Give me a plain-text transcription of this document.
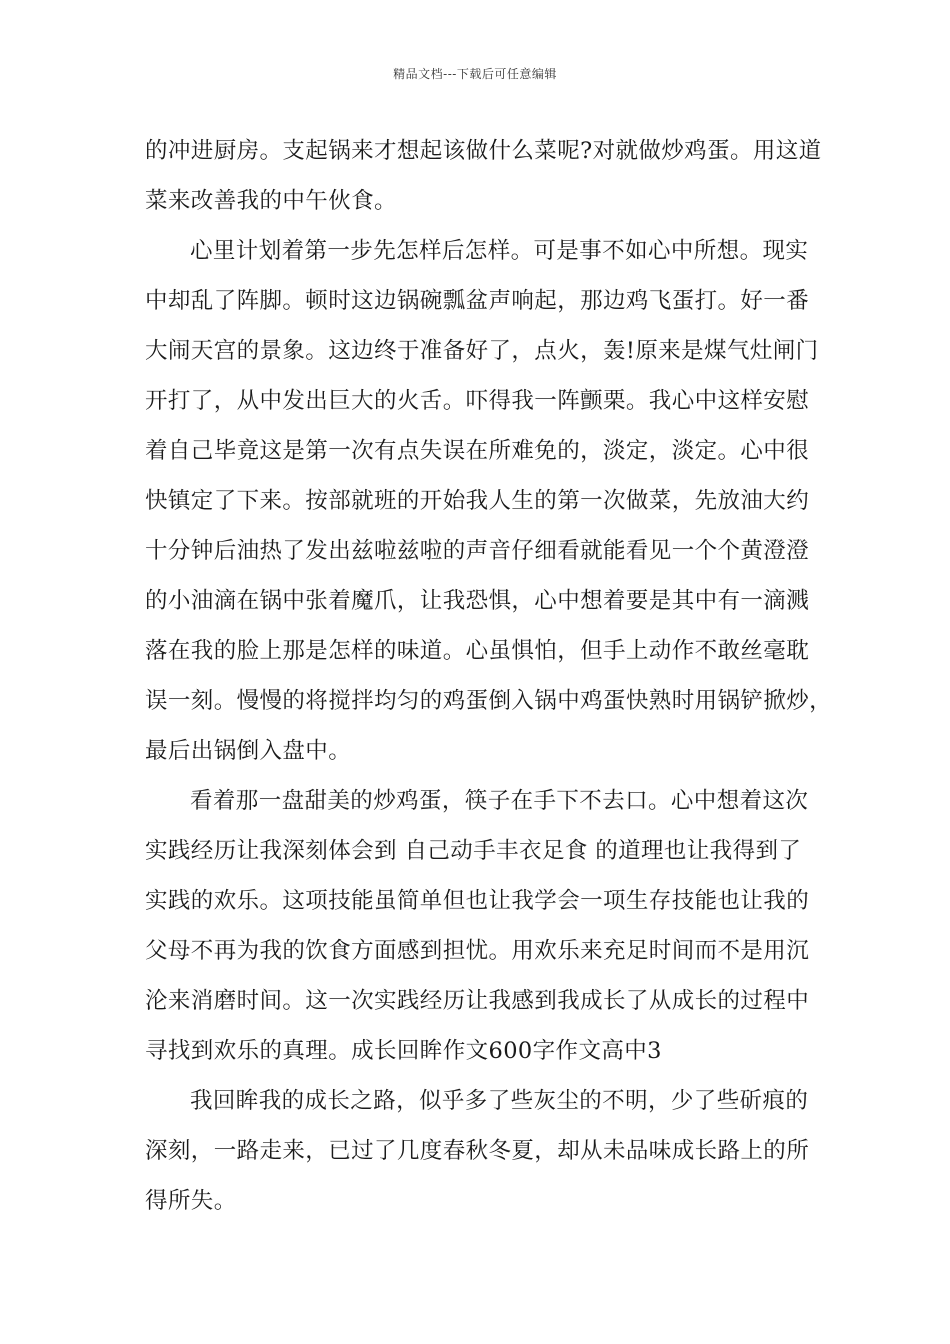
精品文档---下载后可任意编辑
的冲进厨房。支起锅来才想起该做什么菜呢?对就做炒鸡蛋。用这道
菜来改善我的中午伙食。
心里计划着第一步先怎样后怎样。可是事不如心中所想。现实
中却乱了阵脚。顿时这边锅碗瓢盆声响起，那边鸡飞蛋打。好一番
大闹天宫的景象。这边终于准备好了，点火，轰!原来是煤气灶闸门
开打了，从中发出巨大的火舌。吓得我一阵颤栗。我心中这样安慰
着自己毕竟这是第一次有点失误在所难免的，淡定，淡定。心中很
快镇定了下来。按部就班的开始我人生的第一次做菜，先放油大约
十分钟后油热了发出兹啦兹啦的声音仔细看就能看见一个个黄澄澄
的小油滴在锅中张着魔爪，让我恐惧，心中想着要是其中有一滴溅
落在我的脸上那是怎样的味道。心虽惧怕，但手上动作不敢丝毫耽
误一刻。慢慢的将搅拌均匀的鸡蛋倒入锅中鸡蛋快熟时用锅铲掀炒，
最后出锅倒入盘中。
看着那一盘甜美的炒鸡蛋，筷子在手下不去口。心中想着这次
实践经历让我深刻体会到 自己动手丰衣足食 的道理也让我得到了
实践的欢乐。这项技能虽简单但也让我学会一项生存技能也让我的
父母不再为我的饮食方面感到担忧。用欢乐来充足时间而不是用沉
沦来消磨时间。这一次实践经历让我感到我成长了从成长的过程中
寻找到欢乐的真理。成长回眸作文600字作文高中3
我回眸我的成长之路，似乎多了些灰尘的不明，少了些斫痕的
深刻，一路走来，已过了几度春秋冬夏，却从未品味成长路上的所
得所失。
